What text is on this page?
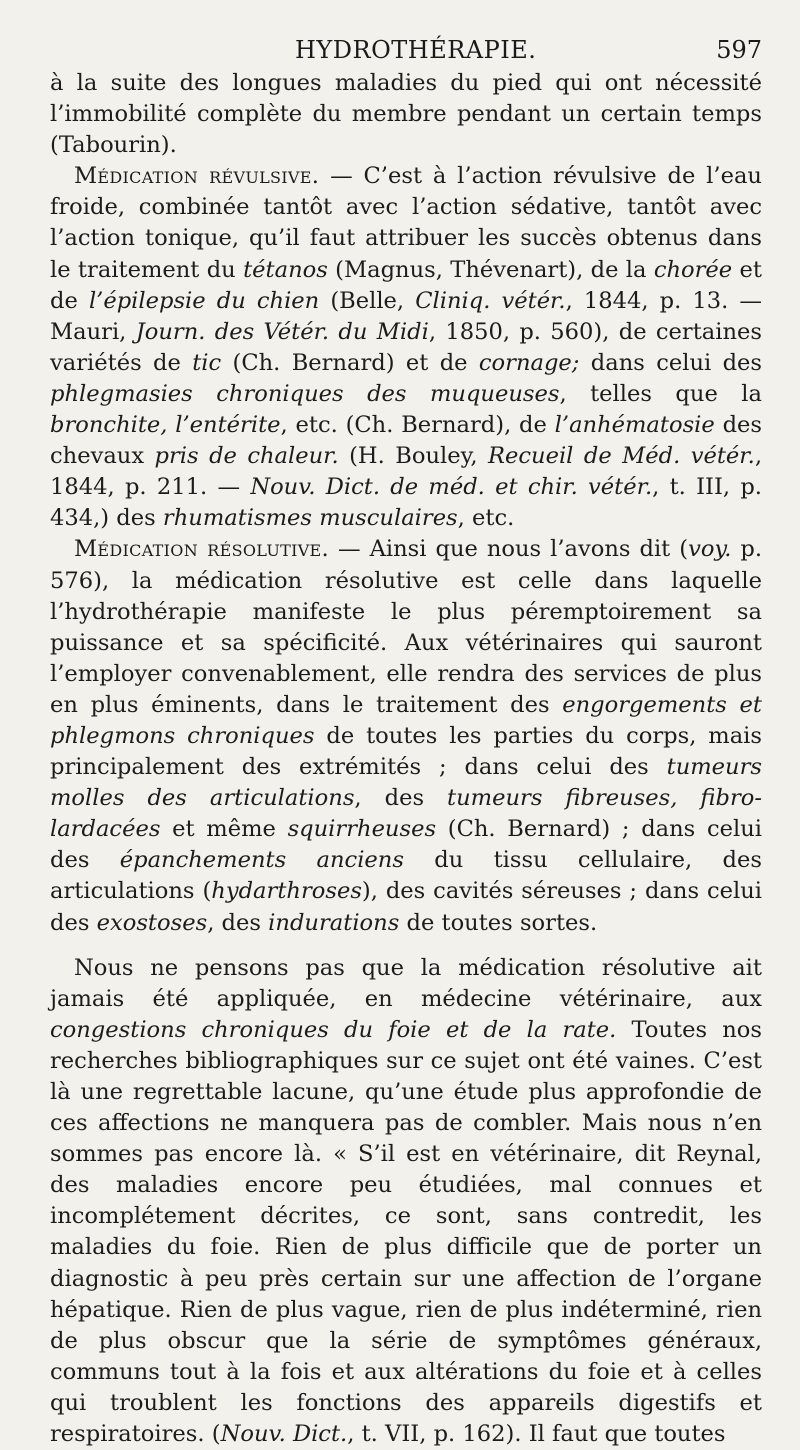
HYDROTHÉRAPIE.	597

à la suite des longues maladies du pied qui ont nécessité l’immobilité complète du membre pendant un certain temps (Tabourin).

Médication révulsive. — C’est à l’action révulsive de l’eau froide, combinée tantôt avec l’action sédative, tantôt avec l’action tonique, qu’il faut attribuer les succès obtenus dans le traitement du tétanos (Magnus, Thévenart), de la chorée et de l’épilepsie du chien (Belle, Cliniq. vétér., 1844, p. 13. — Mauri, Journ. des Vétér. du Midi, 1850, p. 560), de certaines variétés de tic (Ch. Bernard) et de cornage; dans celui des phlegmasies chroniques des muqueuses, telles que la bronchite, l’entérite, etc. (Ch. Bernard), de l’anhématosie des chevaux pris de chaleur. (H. Bouley, Recueil de Méd. vétér., 1844, p. 211. — Nouv. Dict. de méd. et chir. vétér., t. III, p. 434,) des rhumatismes musculaires, etc.

Médication résolutive. — Ainsi que nous l’avons dit (voy. p. 576), la médication résolutive est celle dans laquelle l’hydrothérapie manifeste le plus péremptoirement sa puissance et sa spécificité. Aux vétérinaires qui sauront l’employer convenablement, elle rendra des services de plus en plus éminents, dans le traitement des engorgements et phlegmons chroniques de toutes les parties du corps, mais principalement des extrémités ; dans celui des tumeurs molles des articulations, des tumeurs fibreuses, fibro-lardacées et même squirrheuses (Ch. Bernard) ; dans celui des épanchements anciens du tissu cellulaire, des articulations (hydarthroses), des cavités séreuses ; dans celui des exostoses, des indurations de toutes sortes.

Nous ne pensons pas que la médication résolutive ait jamais été appliquée, en médecine vétérinaire, aux congestions chroniques du foie et de la rate. Toutes nos recherches bibliographiques sur ce sujet ont été vaines. C’est là une regrettable lacune, qu’une étude plus approfondie de ces affections ne manquera pas de combler. Mais nous n’en sommes pas encore là. « S’il est en vétérinaire, dit Reynal, des maladies encore peu étudiées, mal connues et incomplétement décrites, ce sont, sans contredit, les maladies du foie. Rien de plus difficile que de porter un diagnostic à peu près certain sur une affection de l’organe hépatique. Rien de plus vague, rien de plus indéterminé, rien de plus obscur que la série de symptômes généraux, communs tout à la fois et aux altérations du foie et à celles qui troublent les fonctions des appareils digestifs et respiratoires. (Nouv. Dict., t. VII, p. 162). Il faut que toutes
